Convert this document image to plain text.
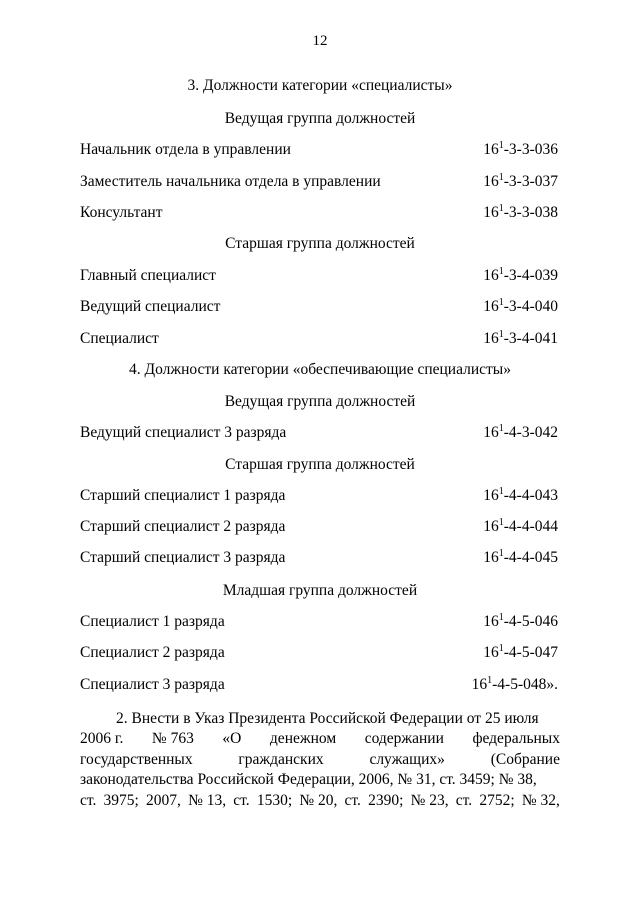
12
3. Должности категории «специалисты»
Ведущая группа должностей
Начальник отдела в управлении	$16^1-3-3-036$
Заместитель начальника отдела в управлении	$16^1-3-3-037$
Консультант	$16^1-3-3-038$
Старшая группа должностей
Главный специалист	$16^1-3-4-039$
Ведущий специалист	$16^1-3-4-040$
Специалист	$16^1-3-4-041$
4. Должности категории «обеспечивающие специалисты»
Ведущая группа должностей
Ведущий специалист 3 разряда	$16^1-4-3-042$
Старшая группа должностей
Старший специалист 1 разряда	$16^1-4-4-043$
Старший специалист 2 разряда	$16^1-4-4-044$
Старший специалист 3 разряда	$16^1-4-4-045$
Младшая группа должностей
Специалист 1 разряда	$16^1-4-5-046$
Специалист 2 разряда	$16^1-4-5-047$
Специалист 3 разряда	$16^1-4-5-048$».
2. Внести в Указ Президента Российской Федерации от 25 июля
2006 г. № 763 «О денежном содержании федеральных
государственных	гражданских	служащих»	(Собрание
законодательства Российской Федерации, 2006, № 31, ст. 3459; № 38,
ст. 3975; 2007, № 13, ст. 1530; № 20, ст. 2390; № 23, ст. 2752; № 32,
